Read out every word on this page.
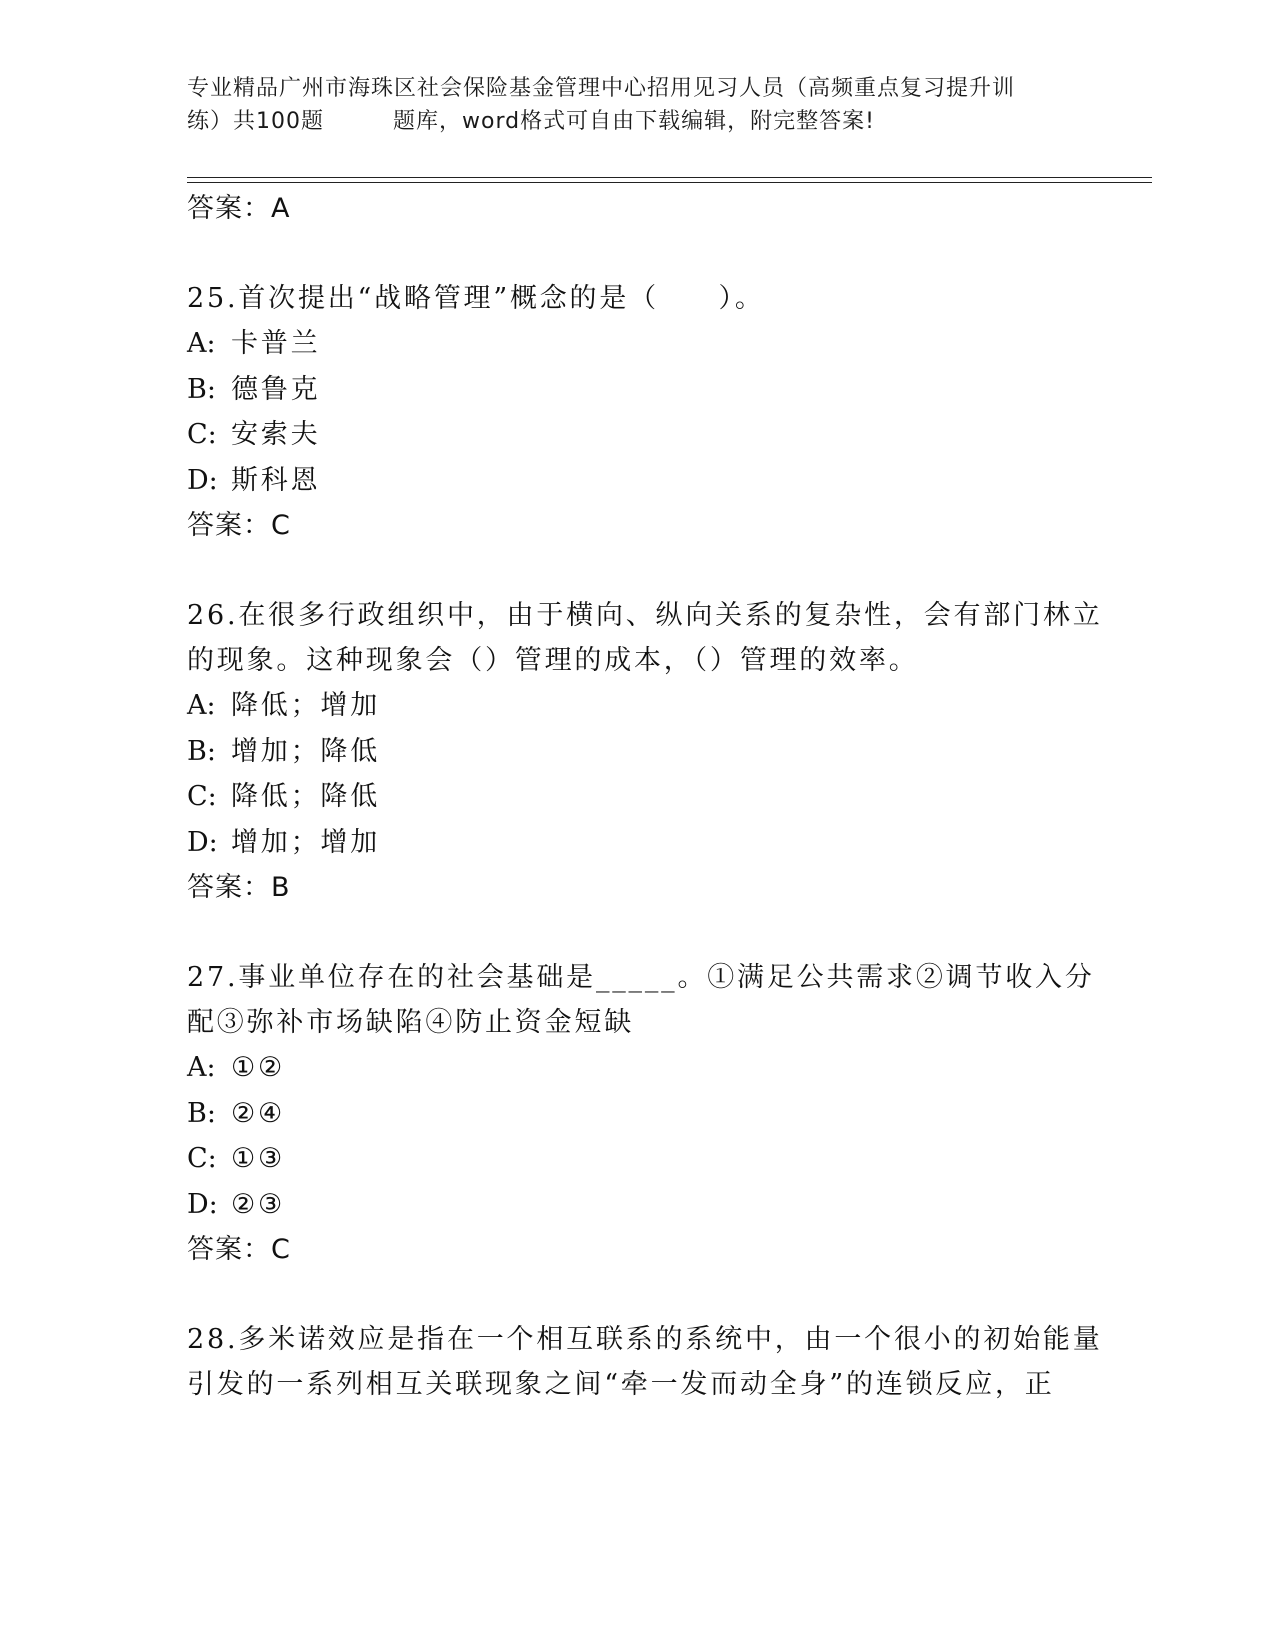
专业精品广州市海珠区社会保险基金管理中心招用见习人员（高频重点复习提升训
练）共100题　　　题库，word格式可自由下载编辑，附完整答案!
答案：A
25.首次提出“战略管理”概念的是（　　）。
A: 卡普兰
B: 德鲁克
C: 安索夫
D: 斯科恩
答案：C
26.在很多行政组织中，由于横向、纵向关系的复杂性，会有部门林立
的现象。这种现象会（）管理的成本，（）管理的效率。
A: 降低；增加
B: 增加；降低
C: 降低；降低
D: 增加；增加
答案：B
27.事业单位存在的社会基础是_____。①满足公共需求②调节收入分
配③弥补市场缺陷④防止资金短缺
A: ①②
B: ②④
C: ①③
D: ②③
答案：C
28.多米诺效应是指在一个相互联系的系统中，由一个很小的初始能量
引发的一系列相互关联现象之间“牵一发而动全身”的连锁反应，正
